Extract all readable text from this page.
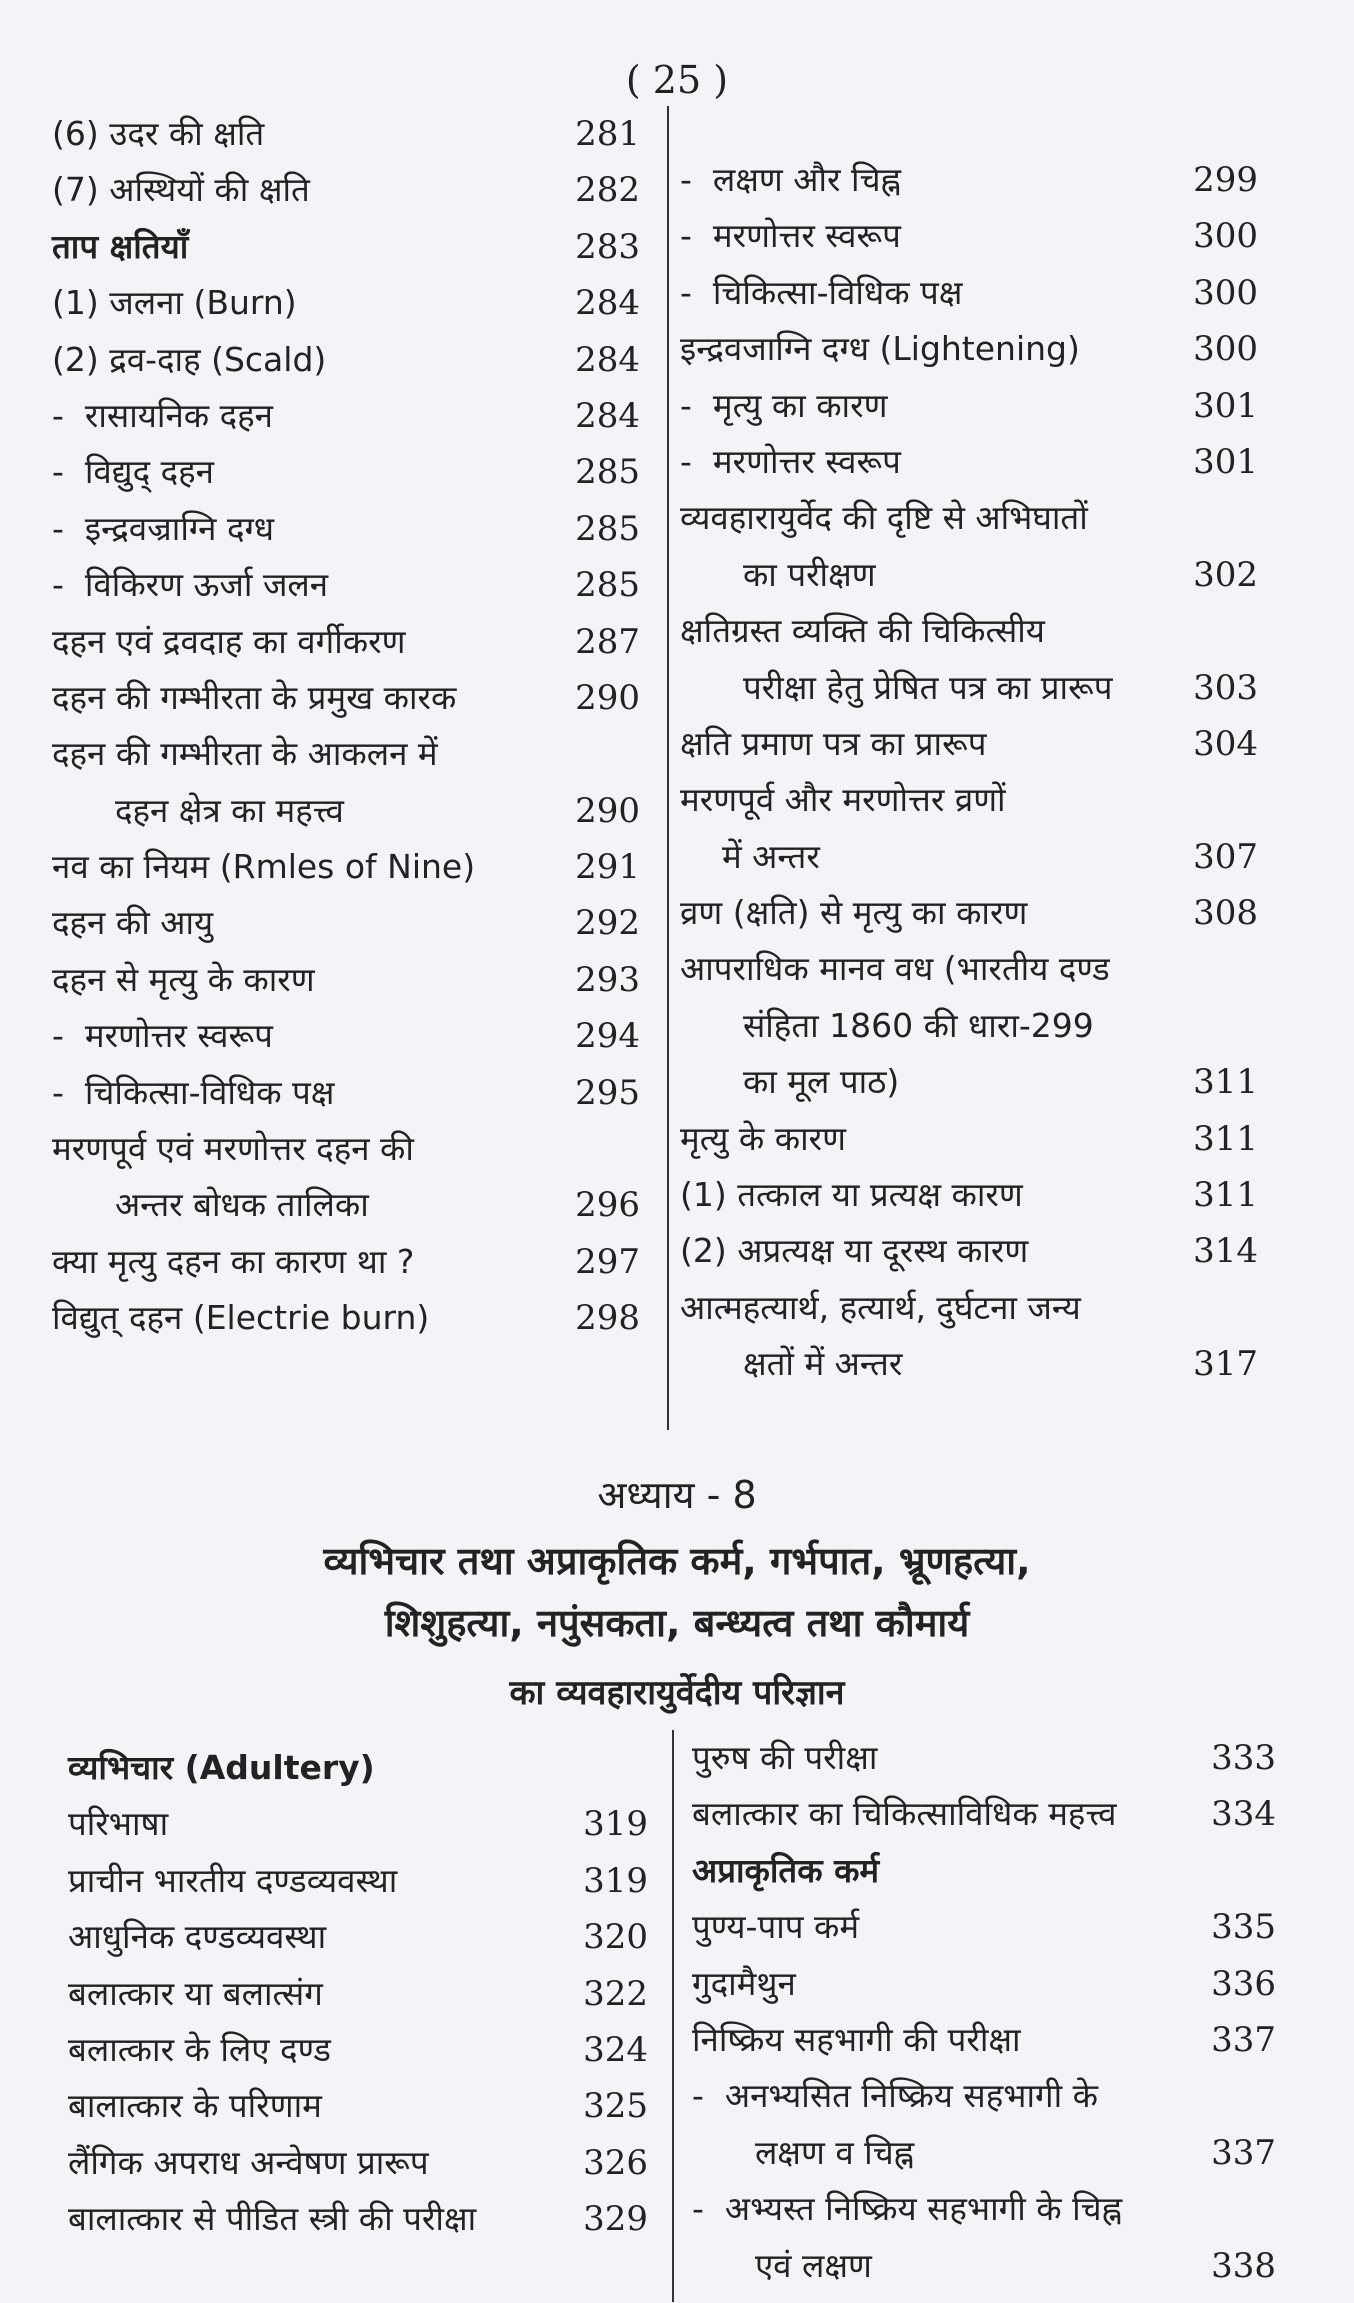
( 25 )
(6) उदर की क्षति	281
(7) अस्थियों की क्षति	282
ताप क्षतियाँ	283
(1) जलना (Burn)	284
(2) द्रव-दाह (Scald)	284
-  रासायनिक दहन	284
-  विद्युद् दहन	285
-  इन्द्रवज्राग्नि दग्ध	285
-  विकिरण ऊर्जा जलन	285
दहन एवं द्रवदाह का वर्गीकरण	287
दहन की गम्भीरता के प्रमुख कारक	290
दहन की गम्भीरता के आकलन में
दहन क्षेत्र का महत्त्व	290
नव का नियम (Rmles of Nine)	291
दहन की आयु	292
दहन से मृत्यु के कारण	293
-  मरणोत्तर स्वरूप	294
-  चिकित्सा-विधिक पक्ष	295
मरणपूर्व एवं मरणोत्तर दहन की
अन्तर बोधक तालिका	296
क्या मृत्यु दहन का कारण था ?	297
विद्युत् दहन (Electrie burn)	298
-  लक्षण और चिह्न	299
-  मरणोत्तर स्वरूप	300
-  चिकित्सा-विधिक पक्ष	300
इन्द्रवजाग्नि दग्ध (Lightening)	300
-  मृत्यु का कारण	301
-  मरणोत्तर स्वरूप	301
व्यवहारायुर्वेद की दृष्टि से अभिघातों
का परीक्षण	302
क्षतिग्रस्त व्यक्ति की चिकित्सीय
परीक्षा हेतु प्रेषित पत्र का प्रारूप 303
क्षति प्रमाण पत्र का प्रारूप	304
मरणपूर्व और मरणोत्तर व्रणों
में अन्तर	307
व्रण (क्षति) से मृत्यु का कारण	308
आपराधिक मानव वध (भारतीय दण्ड
संहिता 1860 की धारा-299
का मूल पाठ)	311
मृत्यु के कारण	311
(1) तत्काल या प्रत्यक्ष कारण	311
(2) अप्रत्यक्ष या दूरस्थ कारण	314
आत्महत्यार्थ, हत्यार्थ, दुर्घटना जन्य
क्षतों में अन्तर	317
अध्याय - 8
व्यभिचार तथा अप्राकृतिक कर्म, गर्भपात, भ्रूणहत्या,
शिशुहत्या, नपुंसकता, बन्ध्यत्व तथा कौमार्य
का व्यवहारायुर्वेदीय परिज्ञान
व्यभिचार (Adultery)
परिभाषा	319
प्राचीन भारतीय दण्डव्यवस्था	319
आधुनिक दण्डव्यवस्था	320
बलात्कार या बलात्संग	322
बलात्कार के लिए दण्ड	324
बालात्कार के परिणाम	325
लैंगिक अपराध अन्वेषण प्रारूप	326
बालात्कार से पीडित स्त्री की परीक्षा	329
पुरुष की परीक्षा	333
बलात्कार का चिकित्साविधिक महत्त्व	334
अप्राकृतिक कर्म
पुण्य-पाप कर्म	335
गुदामैथुन	336
निष्क्रिय सहभागी की परीक्षा	337
-  अनभ्यसित निष्क्रिय सहभागी के
लक्षण व चिह्न	337
-  अभ्यस्त निष्क्रिय सहभागी के चिह्न
एवं लक्षण	338
